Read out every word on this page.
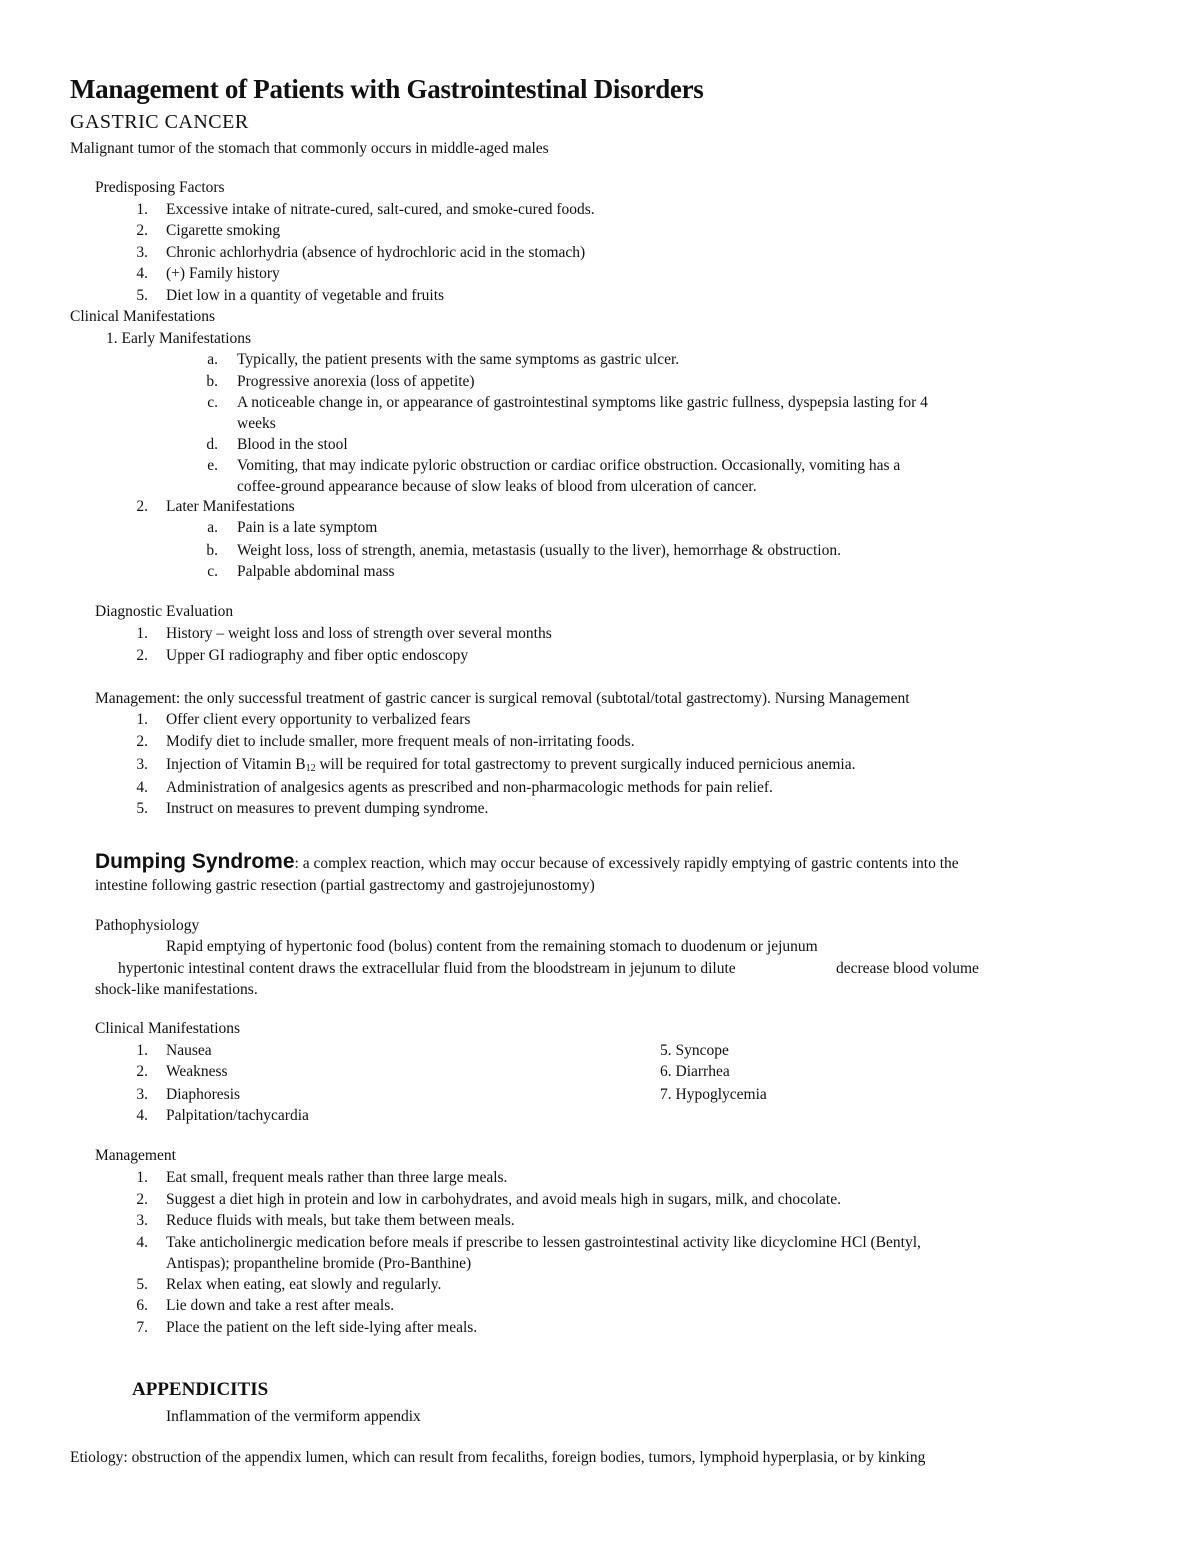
Management of Patients with Gastrointestinal Disorders
GASTRIC CANCER
Malignant tumor of the stomach that commonly occurs in middle-aged males
Predisposing Factors
1. Excessive intake of nitrate-cured, salt-cured, and smoke-cured foods.
2. Cigarette smoking
3. Chronic achlorhydria (absence of hydrochloric acid in the stomach)
4. (+) Family history
5. Diet low in a quantity of vegetable and fruits
Clinical Manifestations
1. Early Manifestations
a. Typically, the patient presents with the same symptoms as gastric ulcer.
b. Progressive anorexia (loss of appetite)
c. A noticeable change in, or appearance of gastrointestinal symptoms like gastric fullness, dyspepsia lasting for 4
weeks
d. Blood in the stool
e. Vomiting, that may indicate pyloric obstruction or cardiac orifice obstruction. Occasionally, vomiting has a
coffee-ground appearance because of slow leaks of blood from ulceration of cancer.
2. Later Manifestations
a. Pain is a late symptom
b. Weight loss, loss of strength, anemia, metastasis (usually to the liver), hemorrhage & obstruction.
c. Palpable abdominal mass
Diagnostic Evaluation
1. History – weight loss and loss of strength over several months
2. Upper GI radiography and fiber optic endoscopy
Management: the only successful treatment of gastric cancer is surgical removal (subtotal/total gastrectomy). Nursing Management
1. Offer client every opportunity to verbalized fears
2. Modify diet to include smaller, more frequent meals of non-irritating foods.
3. Injection of Vitamin $B_{12}$ will be required for total gastrectomy to prevent surgically induced pernicious anemia.
4. Administration of analgesics agents as prescribed and non-pharmacologic methods for pain relief.
5. Instruct on measures to prevent dumping syndrome.
Dumping Syndrome: a complex reaction, which may occur because of excessively rapidly emptying of gastric contents into the
intestine following gastric resection (partial gastrectomy and gastrojejunostomy)
Pathophysiology
Rapid emptying of hypertonic food (bolus) content from the remaining stomach to duodenum or jejunum
hypertonic intestinal content draws the extracellular fluid from the bloodstream in jejunum to dilute	decrease blood volume
shock-like manifestations.
Clinical Manifestations
1. Nausea
2. Weakness
3. Diaphoresis
4. Palpitation/tachycardia
5. Syncope
6. Diarrhea
7. Hypoglycemia
Management
1. Eat small, frequent meals rather than three large meals.
2. Suggest a diet high in protein and low in carbohydrates, and avoid meals high in sugars, milk, and chocolate.
3. Reduce fluids with meals, but take them between meals.
4. Take anticholinergic medication before meals if prescribe to lessen gastrointestinal activity like dicyclomine HCl (Bentyl,
Antispas); propantheline bromide (Pro-Banthine)
5. Relax when eating, eat slowly and regularly.
6. Lie down and take a rest after meals.
7. Place the patient on the left side-lying after meals.
APPENDICITIS
Inflammation of the vermiform appendix
Etiology: obstruction of the appendix lumen, which can result from fecaliths, foreign bodies, tumors, lymphoid hyperplasia, or by kinking
